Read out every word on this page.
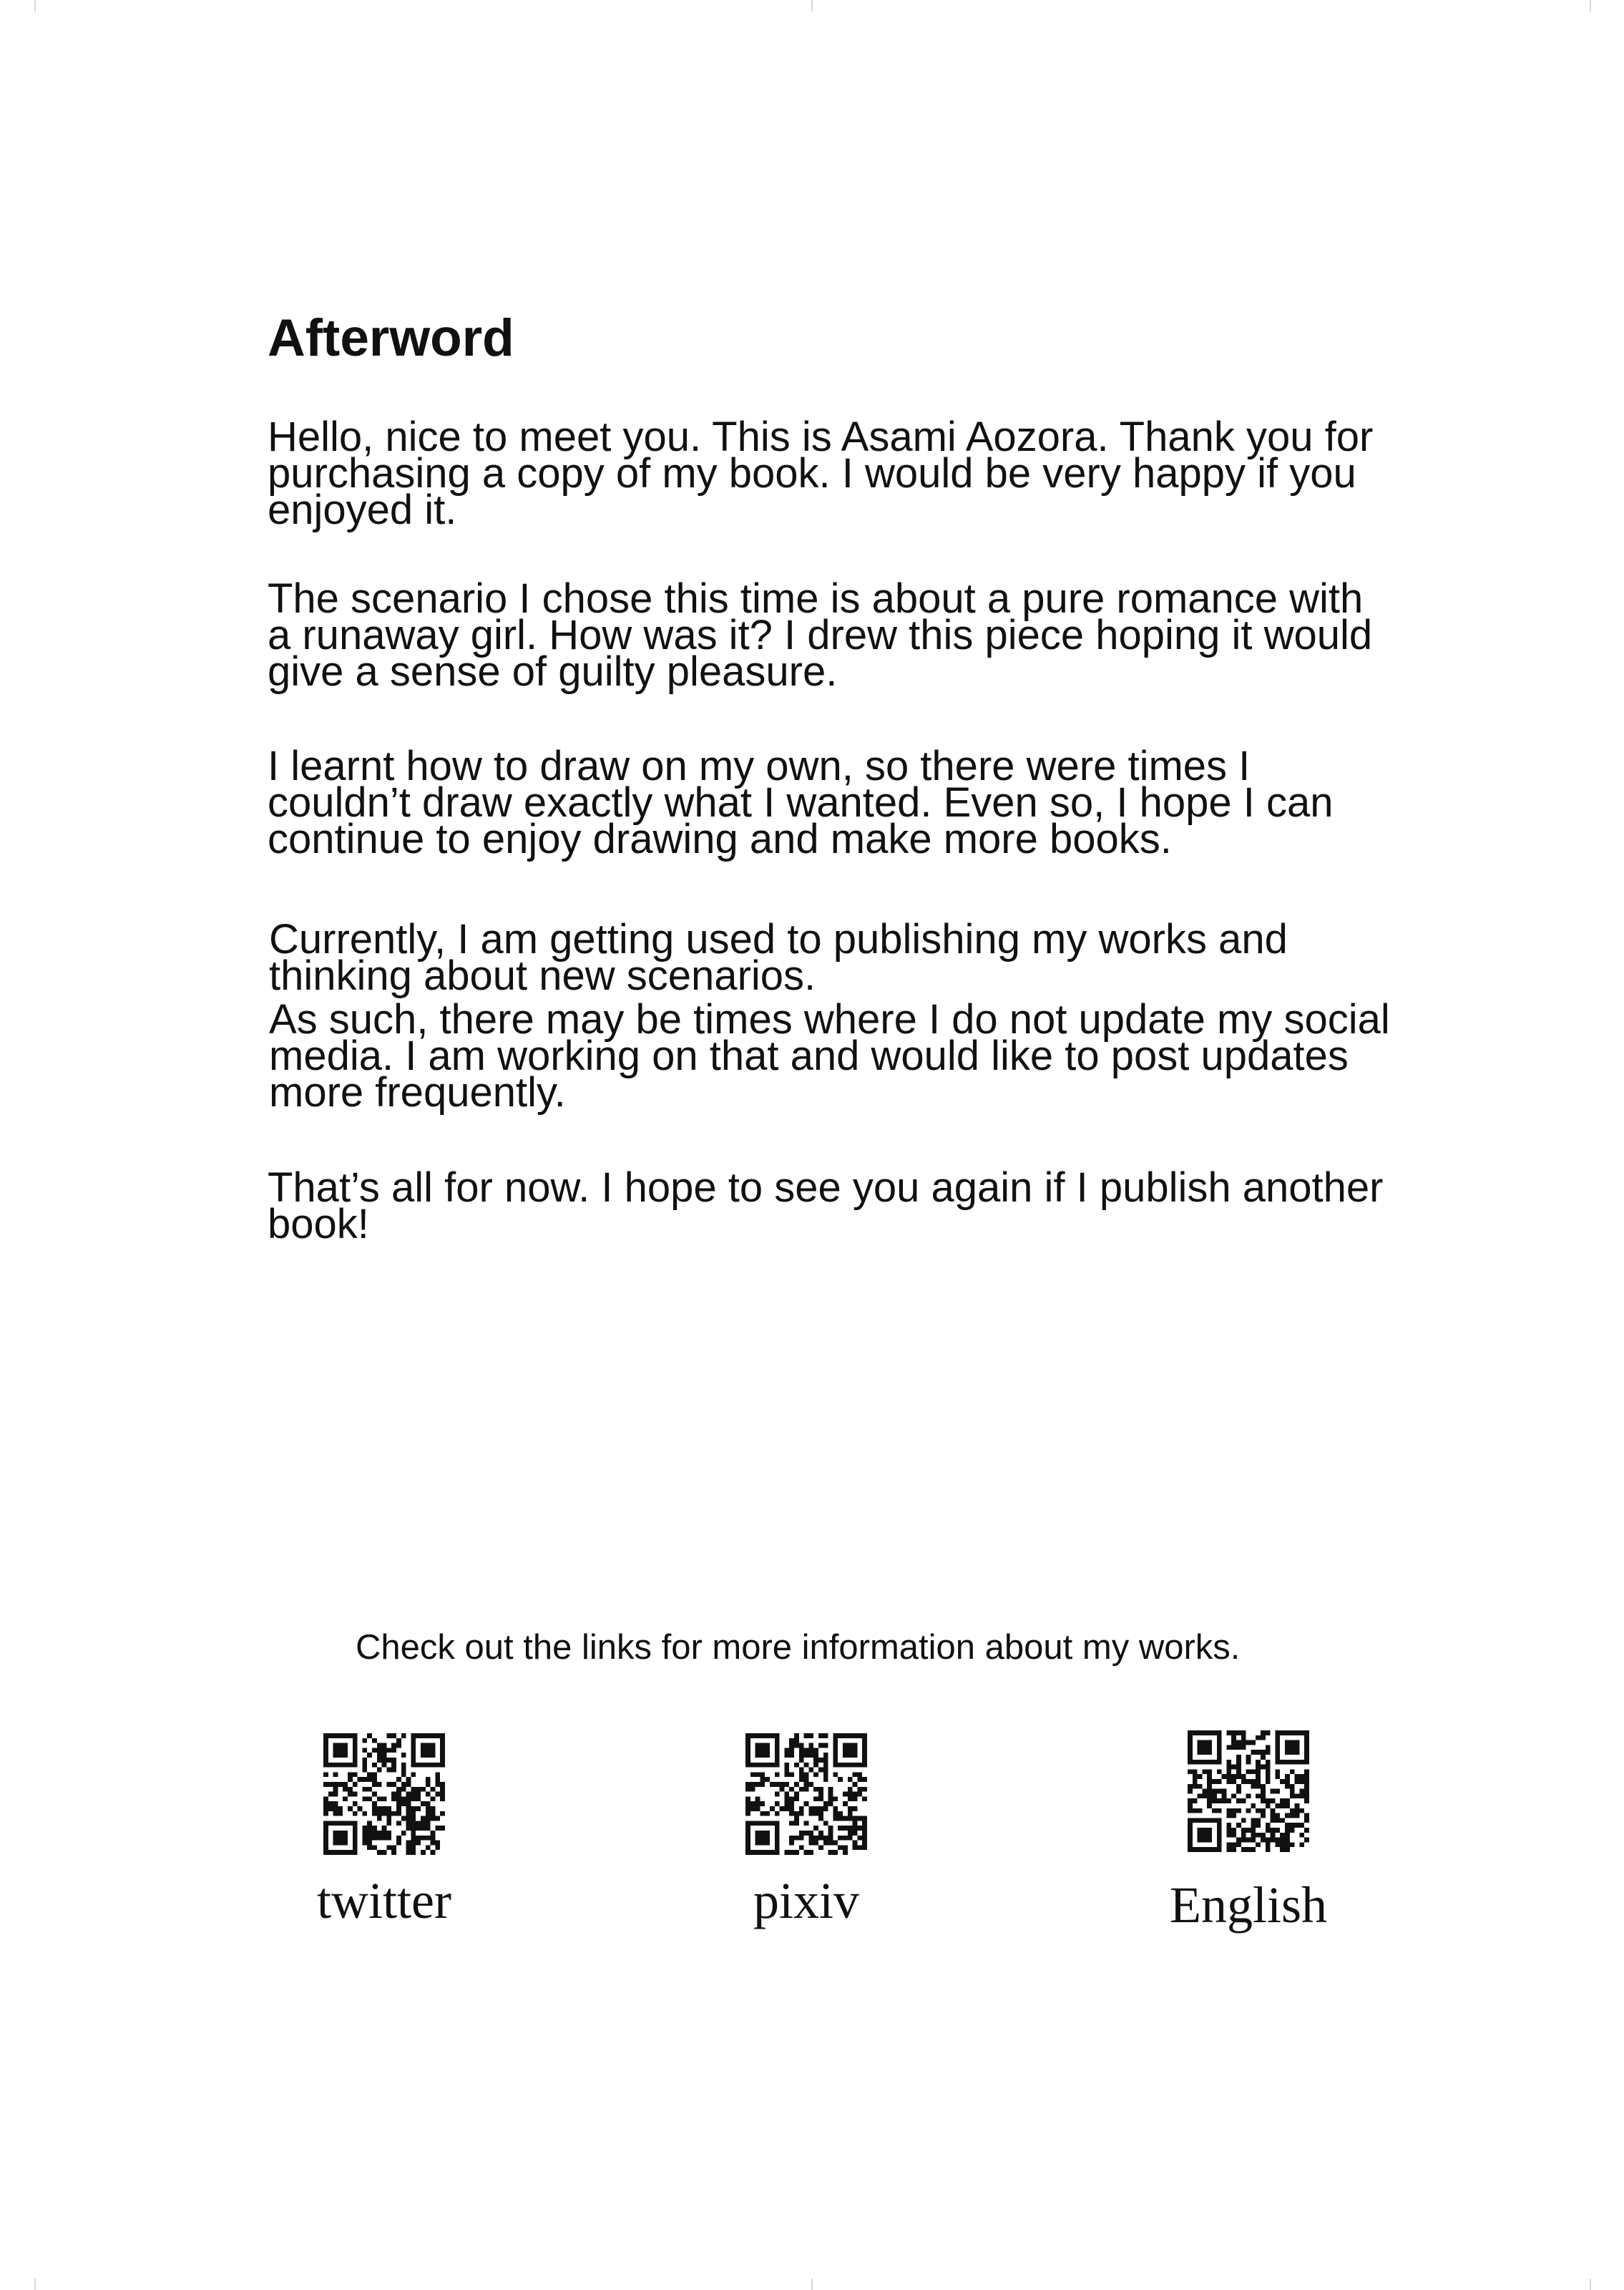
Afterword

Hello, nice to meet you. This is Asami Aozora. Thank you for
purchasing a copy of my book. I would be very happy if you
enjoyed it.

The scenario I chose this time is about a pure romance with
a runaway girl. How was it? I drew this piece hoping it would
give a sense of guilty pleasure.

I learnt how to draw on my own, so there were times I
couldn’t draw exactly what I wanted. Even so, I hope I can
continue to enjoy drawing and make more books.

Currently, I am getting used to publishing my works and
thinking about new scenarios.
As such, there may be times where I do not update my social
media. I am working on that and would like to post updates
more frequently.

That’s all for now. I hope to see you again if I publish another
book!

Check out the links for more information about my works.

twitter	pixiv	English
